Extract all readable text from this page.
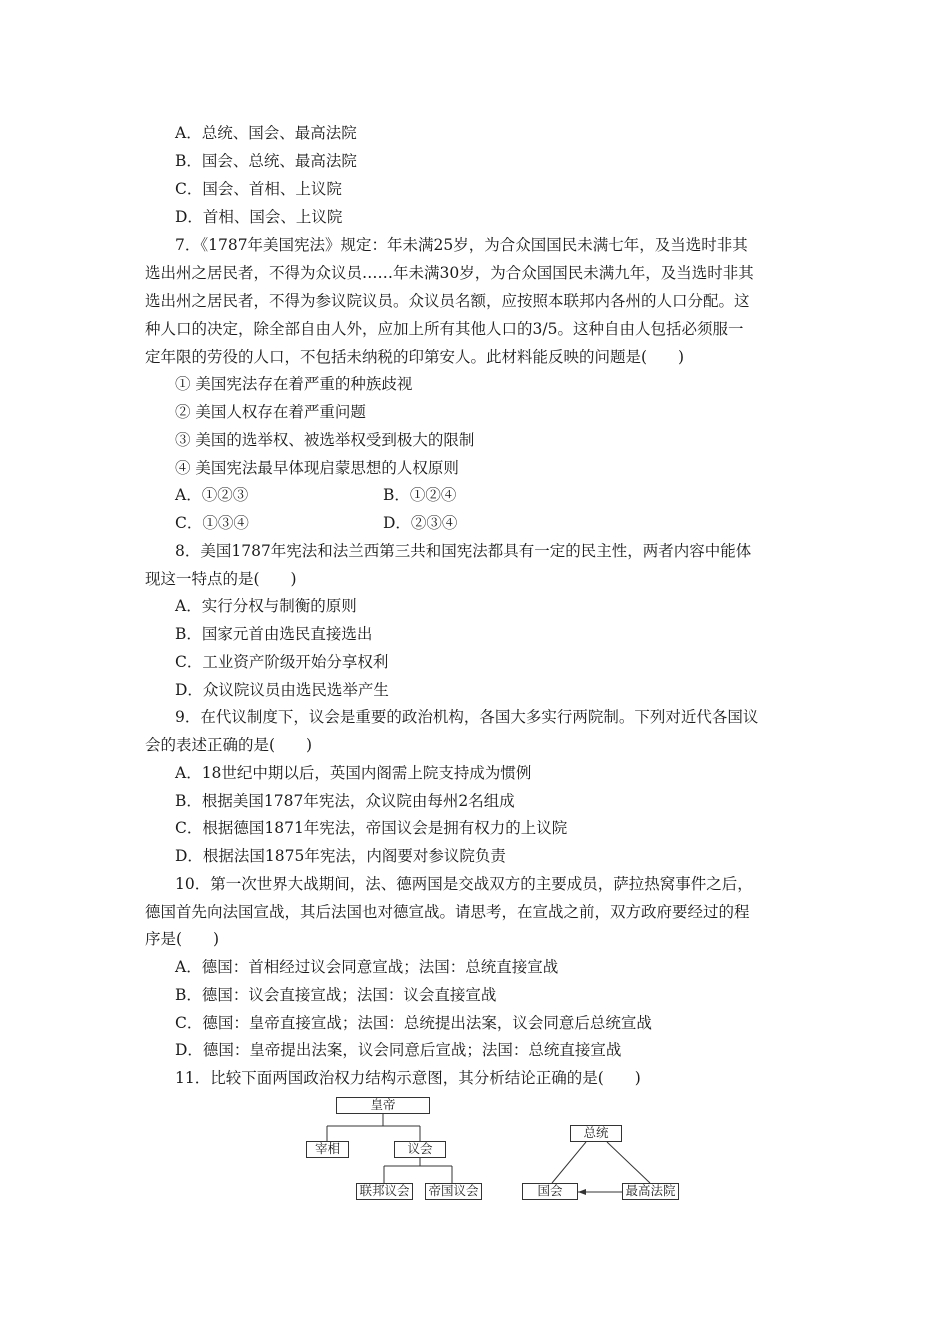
A．总统、国会、最高法院
B．国会、总统、最高法院
C．国会、首相、上议院
D．首相、国会、上议院
7．《1787年美国宪法》规定：年未满25岁，为合众国国民未满七年，及当选时非其
选出州之居民者，不得为众议员……年未满30岁，为合众国国民未满九年，及当选时非其
选出州之居民者，不得为参议院议员。众议员名额，应按照本联邦内各州的人口分配。这
种人口的决定，除全部自由人外，应加上所有其他人口的3/5。这种自由人包括必须服一
定年限的劳役的人口，不包括未纳税的印第安人。此材料能反映的问题是(　　)
① 美国宪法存在着严重的种族歧视
② 美国人权存在着严重问题
③ 美国的选举权、被选举权受到极大的限制
④ 美国宪法最早体现启蒙思想的人权原则
A．①②③	B．①②④
C．①③④	D．②③④
8．美国1787年宪法和法兰西第三共和国宪法都具有一定的民主性，两者内容中能体
现这一特点的是(　　)
A．实行分权与制衡的原则
B．国家元首由选民直接选出
C．工业资产阶级开始分享权利
D．众议院议员由选民选举产生
9．在代议制度下，议会是重要的政治机构，各国大多实行两院制。下列对近代各国议
会的表述正确的是(　　)
A．18世纪中期以后，英国内阁需上院支持成为惯例
B．根据美国1787年宪法，众议院由每州2名组成
C．根据德国1871年宪法，帝国议会是拥有权力的上议院
D．根据法国1875年宪法，内阁要对参议院负责
10．第一次世界大战期间，法、德两国是交战双方的主要成员，萨拉热窝事件之后，
德国首先向法国宣战，其后法国也对德宣战。请思考，在宣战之前，双方政府要经过的程
序是(　　)
A．德国：首相经过议会同意宣战；法国：总统直接宣战
B．德国：议会直接宣战；法国：议会直接宣战
C．德国：皇帝直接宣战；法国：总统提出法案，议会同意后总统宣战
D．德国：皇帝提出法案，议会同意后宣战；法国：总统直接宣战
11．比较下面两国政治权力结构示意图，其分析结论正确的是(　　)
皇帝
宰相	议会
联邦议会 帝国议会
总统
国会	最高法院
